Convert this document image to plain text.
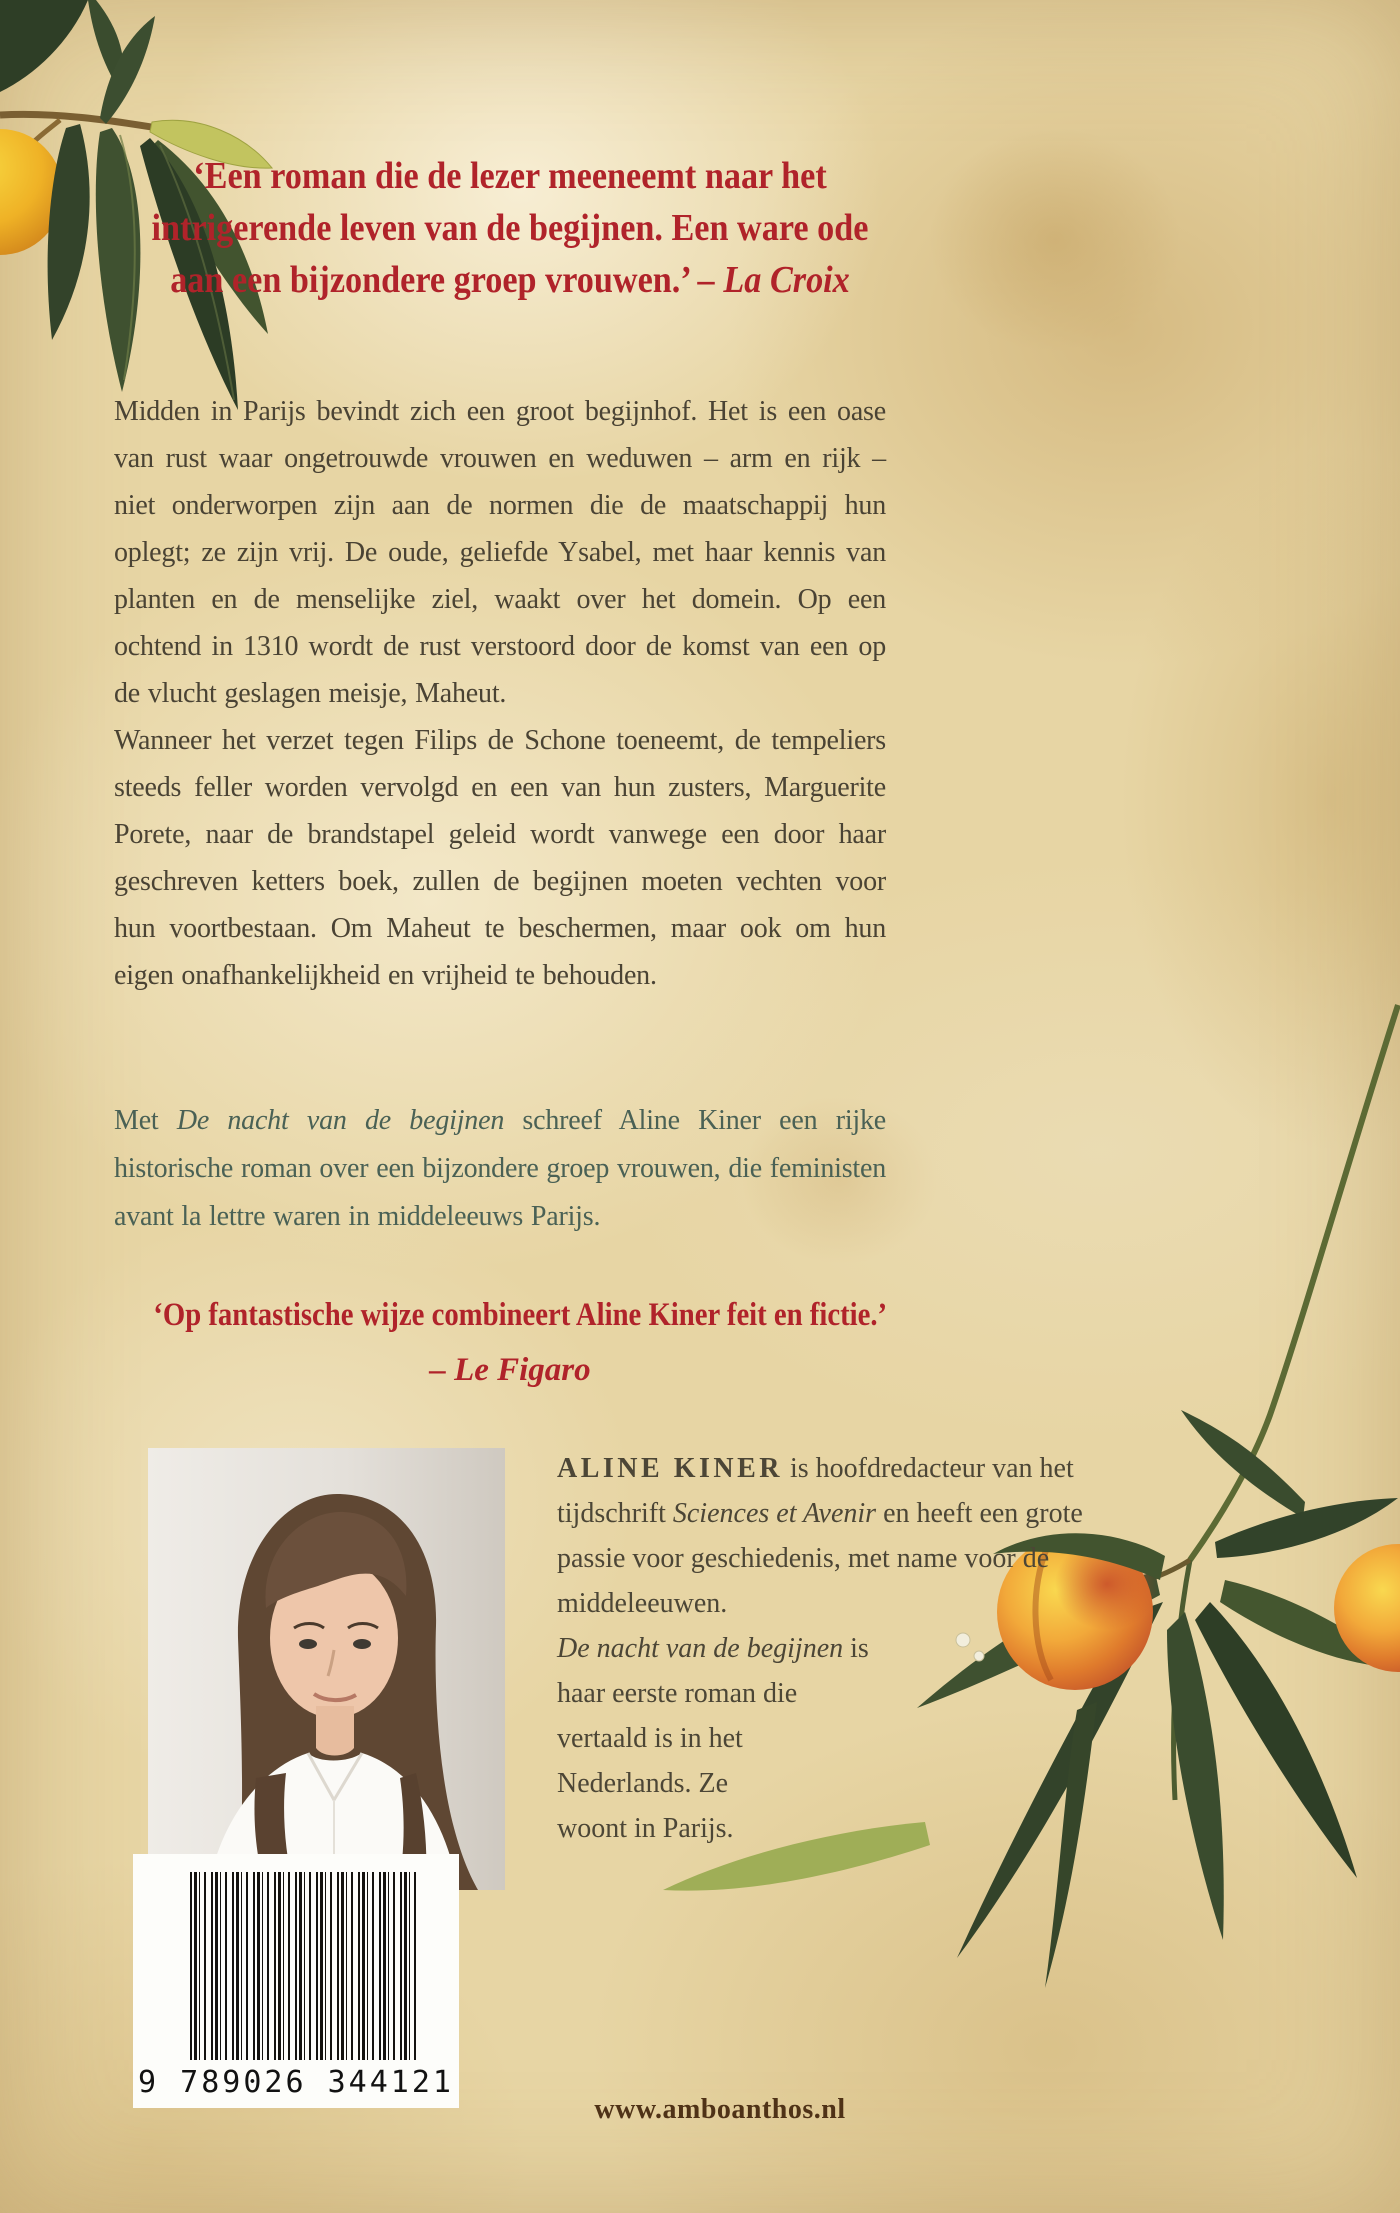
‘Een roman die de lezer meeneemt naar het
intrigerende leven van de begijnen. Een ware ode
aan een bijzondere groep vrouwen.’ – La Croix

Midden in Parijs bevindt zich een groot begijnhof. Het is een oase van rust waar ongetrouwde vrouwen en weduwen – arm en rijk – niet onderworpen zijn aan de normen die de maatschappij hun oplegt; ze zijn vrij. De oude, geliefde Ysabel, met haar kennis van planten en de menselijke ziel, waakt over het domein. Op een ochtend in 1310 wordt de rust verstoord door de komst van een op de vlucht geslagen meisje, Maheut.

Wanneer het verzet tegen Filips de Schone toeneemt, de tempeliers steeds feller worden vervolgd en een van hun zusters, Marguerite Porete, naar de brandstapel geleid wordt vanwege een door haar geschreven ketters boek, zullen de begijnen moeten vechten voor hun voortbestaan. Om Maheut te beschermen, maar ook om hun eigen onafhankelijkheid en vrijheid te behouden.

Met De nacht van de begijnen schreef Aline Kiner een rijke historische roman over een bijzondere groep vrouwen, die feministen avant la lettre waren in middeleeuws Parijs.
‘Op fantastische wijze combineert Aline Kiner feit en fictie.’
– Le Figaro
ALINE KINER is hoofdredacteur van het tijdschrift Sciences et Avenir en heeft een grote passie voor geschiedenis, met name voor de middeleeuwen.
De nacht van de begijnen is haar eerste roman die vertaald is in het Nederlands. Ze woont in Parijs.
9 789026 344121
www.amboanthos.nl
